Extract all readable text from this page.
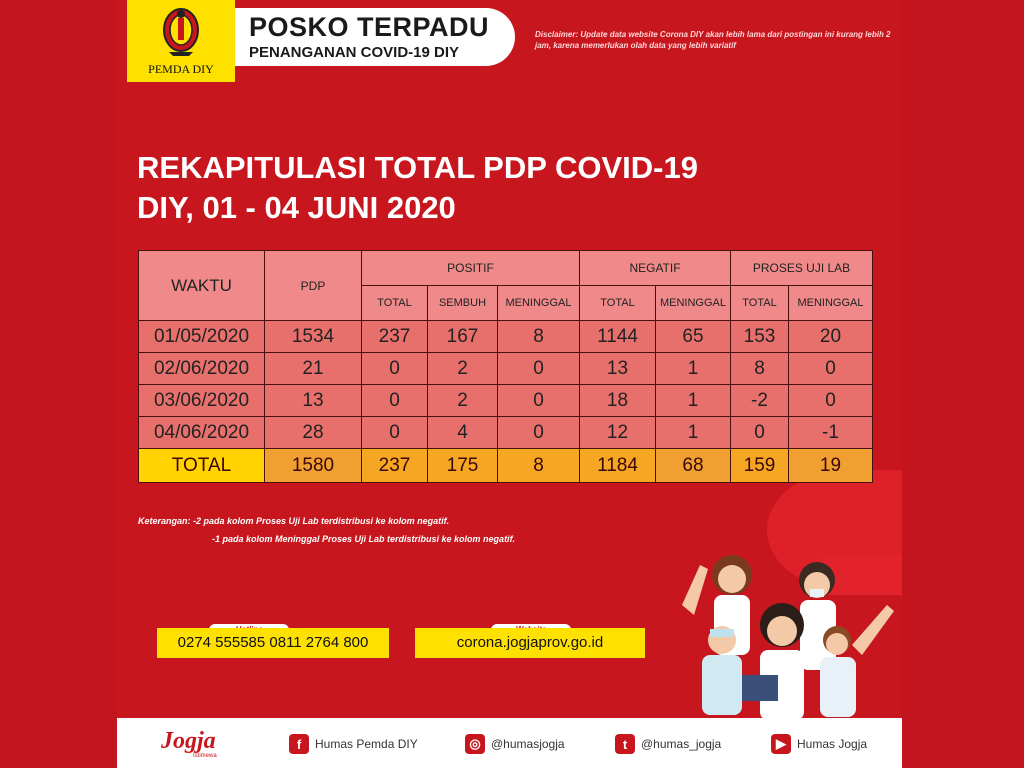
PEMDA DIY
POSKO TERPADU
PENANGANAN COVID-19 DIY
Disclaimer: Update data website Corona DIY akan lebih lama dari postingan ini kurang lebih 2 jam, karena memerlukan olah data yang lebih variatif
REKAPITULASI TOTAL PDP COVID-19
DIY, 01 - 04 JUNI 2020
WAKTU	PDP	POSITIF			NEGATIF		PROSES UJI LAB	
		TOTAL	SEMBUH	MENINGGAL	TOTAL	MENINGGAL	TOTAL	MENINGGAL
01/05/2020	1534	237	167	8	1144	65	153	20
02/06/2020	21	0	2	0	13	1	8	0
03/06/2020	13	0	2	0	18	1	-2	0
04/06/2020	28	0	4	0	12	1	0	-1
TOTAL	1580	237	175	8	1184	68	159	19
Keterangan: -2 pada kolom Proses Uji Lab terdistribusi ke kolom negatif.
-1 pada kolom Meninggal Proses Uji Lab terdistribusi ke kolom negatif.
0274 555585 0811 2764 800	corona.jogjaprov.go.id
Jogja
Istimewa
f	Humas Pemda DIY	◎ @humasjogja	t	@humas_jogja	▶ Humas Jogja
